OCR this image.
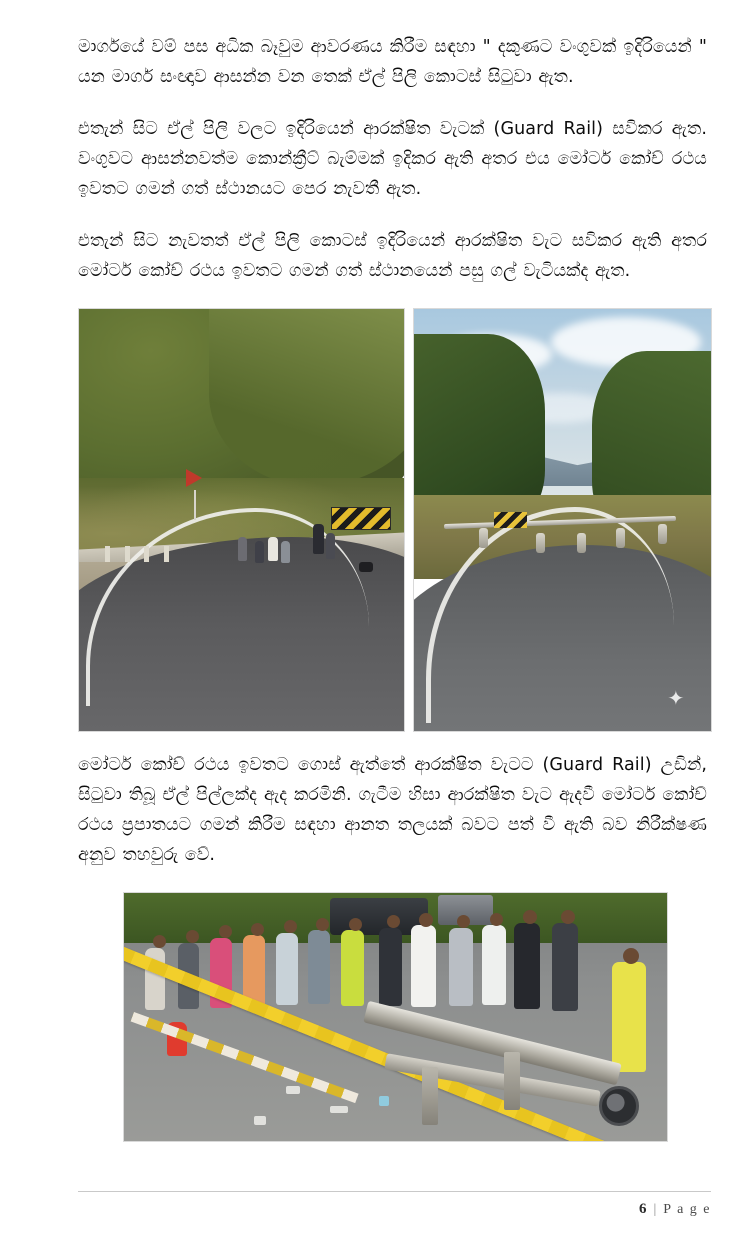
මාර්ගයේ වම් පස අධික බෑවුම ආවරණය කිරීම සඳහා " දකුණට වංගුවක් ඉදිරියෙන් " යන මාර්ග සංඥාව ආසන්න වන තෙක් ඒල් පිලි කොටස් සිටුවා ඇත.

එතැන් සිට ඒල් පිලි වලට ඉදිරියෙන් ආරක්ෂිත වැටක් (Guard Rail) සවිකර ඇත. වංගුවට ආසන්නවත්ම කොන්ක්‍රීට් බැම්මක් ඉදිකර ඇති අතර එය මෝටර් කෝච් රථය ඉවතට ගමන් ගත් ස්ථානයට පෙර නැවතී ඇත.

එතැන් සිට නැවතත් ඒල් පිලි කොටස් ඉදිරියෙන් ආරක්ෂිත වැට සවිකර ඇති අතර මෝටර් කෝච් රථය ඉවතට ගමන් ගත් ස්ථානයෙන් පසු ගල් වැටියක්ද ඇත.

✦

මෝටර් කෝච් රථය ඉවතට ගොස් ඇත්තේ ආරක්ෂිත වැටට (Guard Rail) උඩින්, සිටුවා තිබූ ඒල් පිල්ලක්ද ඇද කරමිනි. ගැටීම හිසා ආරක්ෂිත වැට ඇදවී මෝටර් කෝච් රථය ප්‍රපාතයට ගමන් කිරීම සඳහා ආනත තලයක් බවට පත් වී ඇති බව නිරීක්ෂණ අනුව තහවුරු වේ.

6 | P a g e
